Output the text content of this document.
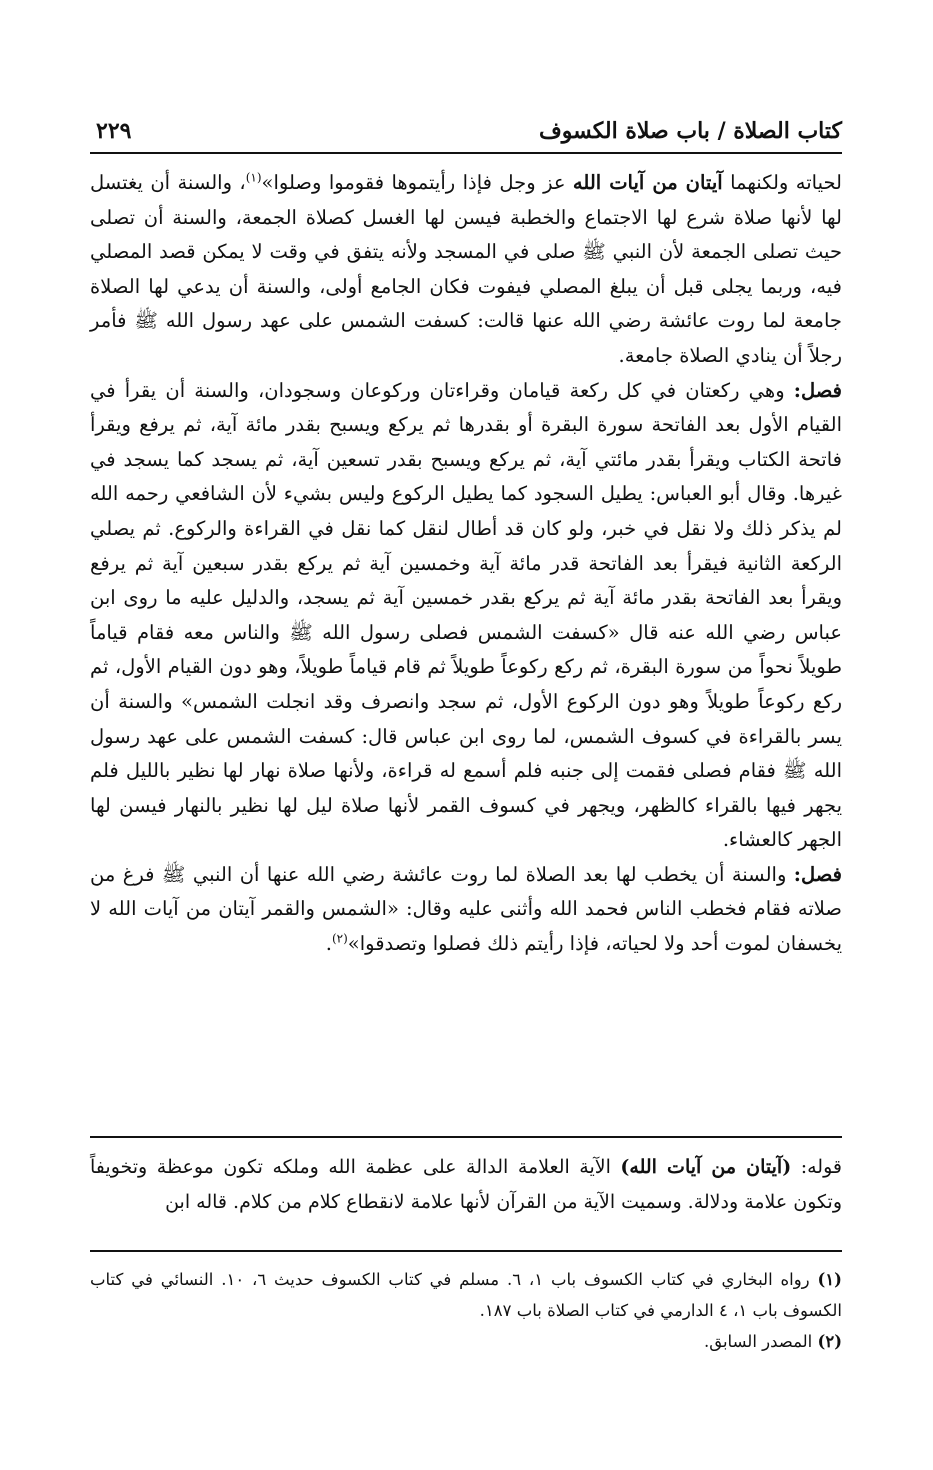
كتاب الصلاة / باب صلاة الكسوف
٢٢٩

لحياته ولكنهما آيتان من آيات الله عز وجل فإذا رأيتموها فقوموا وصلوا»$^{(١)}$، والسنة أن يغتسل لها لأنها صلاة شرع لها الاجتماع والخطبة فيسن لها الغسل كصلاة الجمعة، والسنة أن تصلى حيث تصلى الجمعة لأن النبي ﷺ صلى في المسجد ولأنه يتفق في وقت لا يمكن قصد المصلي فيه، وربما يجلى قبل أن يبلغ المصلي فيفوت فكان الجامع أولى، والسنة أن يدعي لها الصلاة جامعة لما روت عائشة رضي الله عنها قالت: كسفت الشمس على عهد رسول الله ﷺ فأمر رجلاً أن ينادي الصلاة جامعة.

فصل: وهي ركعتان في كل ركعة قيامان وقراءتان وركوعان وسجودان، والسنة أن يقرأ في القيام الأول بعد الفاتحة سورة البقرة أو بقدرها ثم يركع ويسبح بقدر مائة آية، ثم يرفع ويقرأ فاتحة الكتاب ويقرأ بقدر مائتي آية، ثم يركع ويسبح بقدر تسعين آية، ثم يسجد كما يسجد في غيرها. وقال أبو العباس: يطيل السجود كما يطيل الركوع وليس بشيء لأن الشافعي رحمه الله لم يذكر ذلك ولا نقل في خبر، ولو كان قد أطال لنقل كما نقل في القراءة والركوع. ثم يصلي الركعة الثانية فيقرأ بعد الفاتحة قدر مائة آية وخمسين آية ثم يركع بقدر سبعين آية ثم يرفع ويقرأ بعد الفاتحة بقدر مائة آية ثم يركع بقدر خمسين آية ثم يسجد، والدليل عليه ما روى ابن عباس رضي الله عنه قال «كسفت الشمس فصلى رسول الله ﷺ والناس معه فقام قياماً طويلاً نحواً من سورة البقرة، ثم ركع ركوعاً طويلاً ثم قام قياماً طويلاً، وهو دون القيام الأول، ثم ركع ركوعاً طويلاً وهو دون الركوع الأول، ثم سجد وانصرف وقد انجلت الشمس» والسنة أن يسر بالقراءة في كسوف الشمس، لما روى ابن عباس قال: كسفت الشمس على عهد رسول الله ﷺ فقام فصلى فقمت إلى جنبه فلم أسمع له قراءة، ولأنها صلاة نهار لها نظير بالليل فلم يجهر فيها بالقراء كالظهر، ويجهر في كسوف القمر لأنها صلاة ليل لها نظير بالنهار فيسن لها الجهر كالعشاء.

فصل: والسنة أن يخطب لها بعد الصلاة لما روت عائشة رضي الله عنها أن النبي ﷺ فرغ من صلاته فقام فخطب الناس فحمد الله وأثنى عليه وقال: «الشمس والقمر آيتان من آيات الله لا يخسفان لموت أحد ولا لحياته، فإذا رأيتم ذلك فصلوا وتصدقوا»$^{(٢)}$.

قوله: (آيتان من آيات الله) الآية العلامة الدالة على عظمة الله وملكه تكون موعظة وتخويفاً وتكون علامة ودلالة. وسميت الآية من القرآن لأنها علامة لانقطاع كلام من كلام. قاله ابن

(١) رواه البخاري في كتاب الكسوف باب ١، ٦. مسلم في كتاب الكسوف حديث ٦، ١٠. النسائي في كتاب الكسوف باب ١، ٤ الدارمي في كتاب الصلاة باب ١٨٧.

(٢) المصدر السابق.
